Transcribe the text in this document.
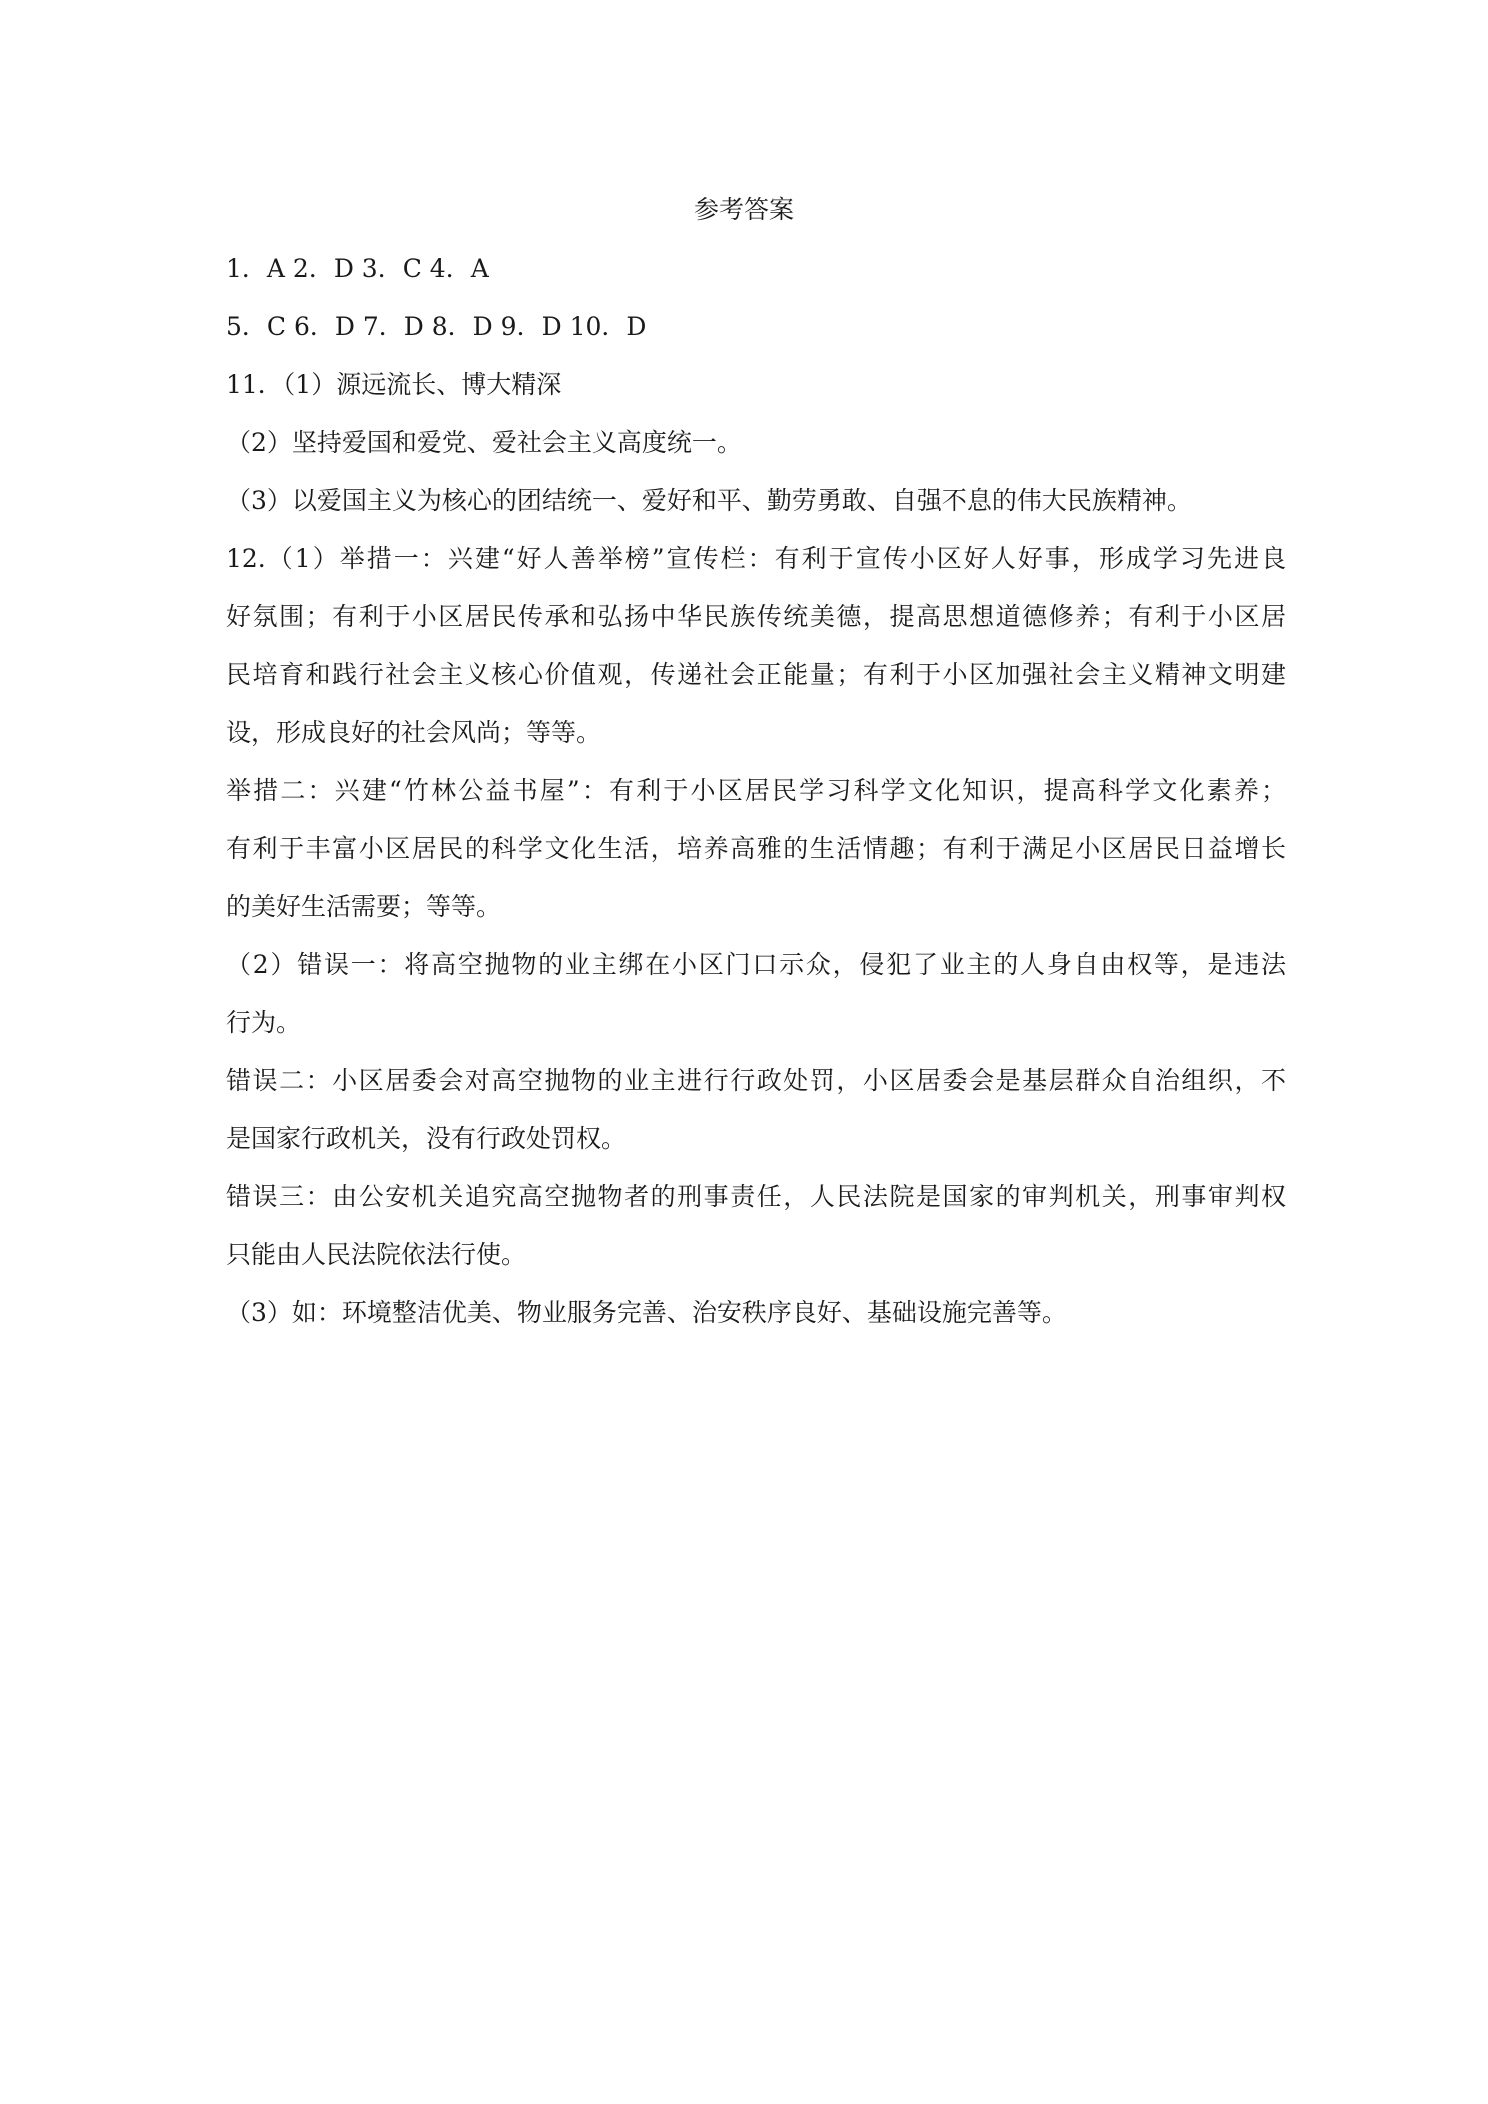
参考答案
1．A 2．D 3．C 4．A
5．C 6．D 7．D 8．D 9．D 10．D
11．（1）源远流长、博大精深
（2）坚持爱国和爱党、爱社会主义高度统一。
（3）以爱国主义为核心的团结统一、爱好和平、勤劳勇敢、自强不息的伟大民族精神。
12.（1）举措一：兴建“好人善举榜”宣传栏：有利于宣传小区好人好事，形成学习先进良
好氛围；有利于小区居民传承和弘扬中华民族传统美德，提高思想道德修养；有利于小区居
民培育和践行社会主义核心价值观，传递社会正能量；有利于小区加强社会主义精神文明建
设，形成良好的社会风尚；等等。
举措二：兴建“竹林公益书屋”：有利于小区居民学习科学文化知识，提高科学文化素养；
有利于丰富小区居民的科学文化生活，培养高雅的生活情趣；有利于满足小区居民日益增长
的美好生活需要；等等。
（2）错误一：将高空抛物的业主绑在小区门口示众，侵犯了业主的人身自由权等，是违法
行为。
错误二：小区居委会对高空抛物的业主进行行政处罚，小区居委会是基层群众自治组织，不
是国家行政机关，没有行政处罚权。
错误三：由公安机关追究高空抛物者的刑事责任，人民法院是国家的审判机关，刑事审判权
只能由人民法院依法行使。
（3）如：环境整洁优美、物业服务完善、治安秩序良好、基础设施完善等。
